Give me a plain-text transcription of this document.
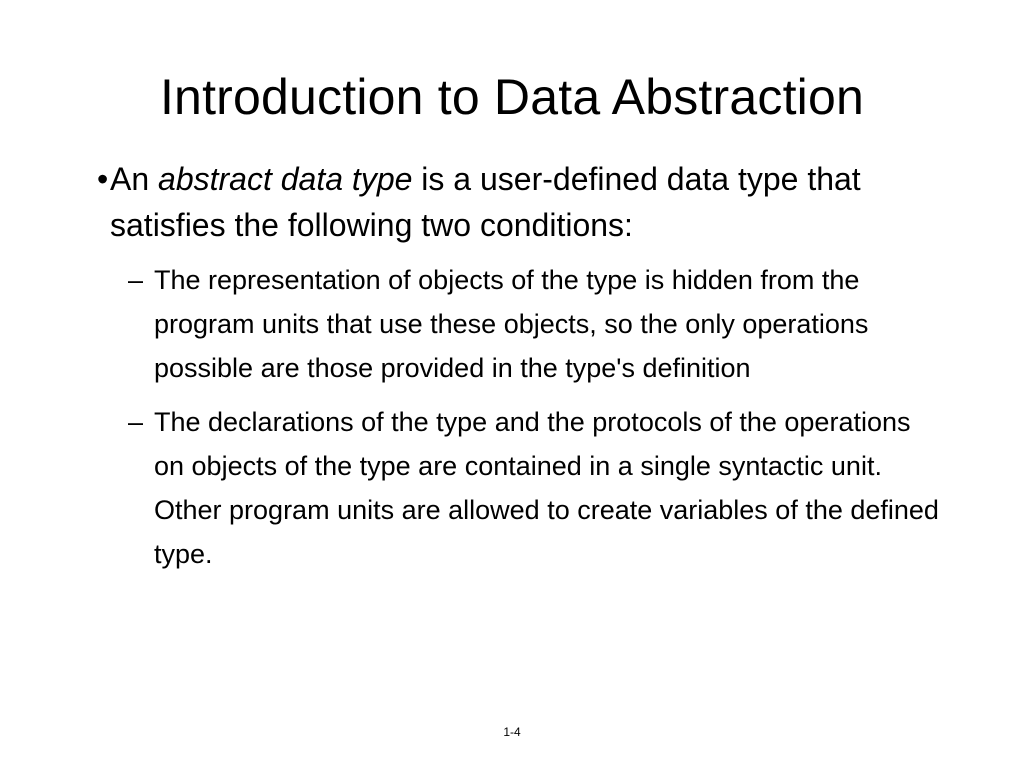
Introduction to Data Abstraction
• An abstract data type is a user-defined data type that satisfies the following two conditions:
– The representation of objects of the type is hidden from the program units that use these objects, so the only operations possible are those provided in the type's definition
– The declarations of the type and the protocols of the operations on objects of the type are contained in a single syntactic unit. Other program units are allowed to create variables of the defined type.
1-4
